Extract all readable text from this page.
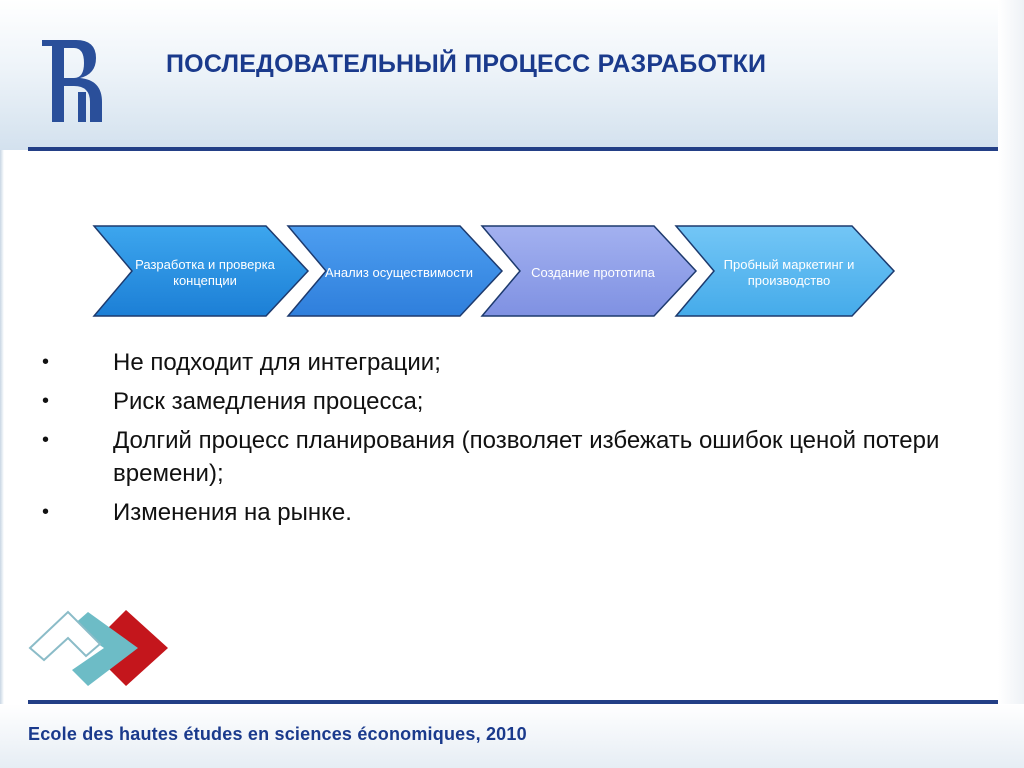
ПОСЛЕДОВАТЕЛЬНЫЙ ПРОЦЕСС РАЗРАБОТКИ
Разработка и проверка концепции
Анализ осуществимости	Создание прототипа
Пробный маркетинг и производство
•	Не подходит для интеграции;
•	Риск замедления процесса;
•	Долгий процесс планирования (позволяет избежать ошибок ценой потери времени);
•	Изменения на рынке.
Ecole des hautes études en sciences économiques, 2010
